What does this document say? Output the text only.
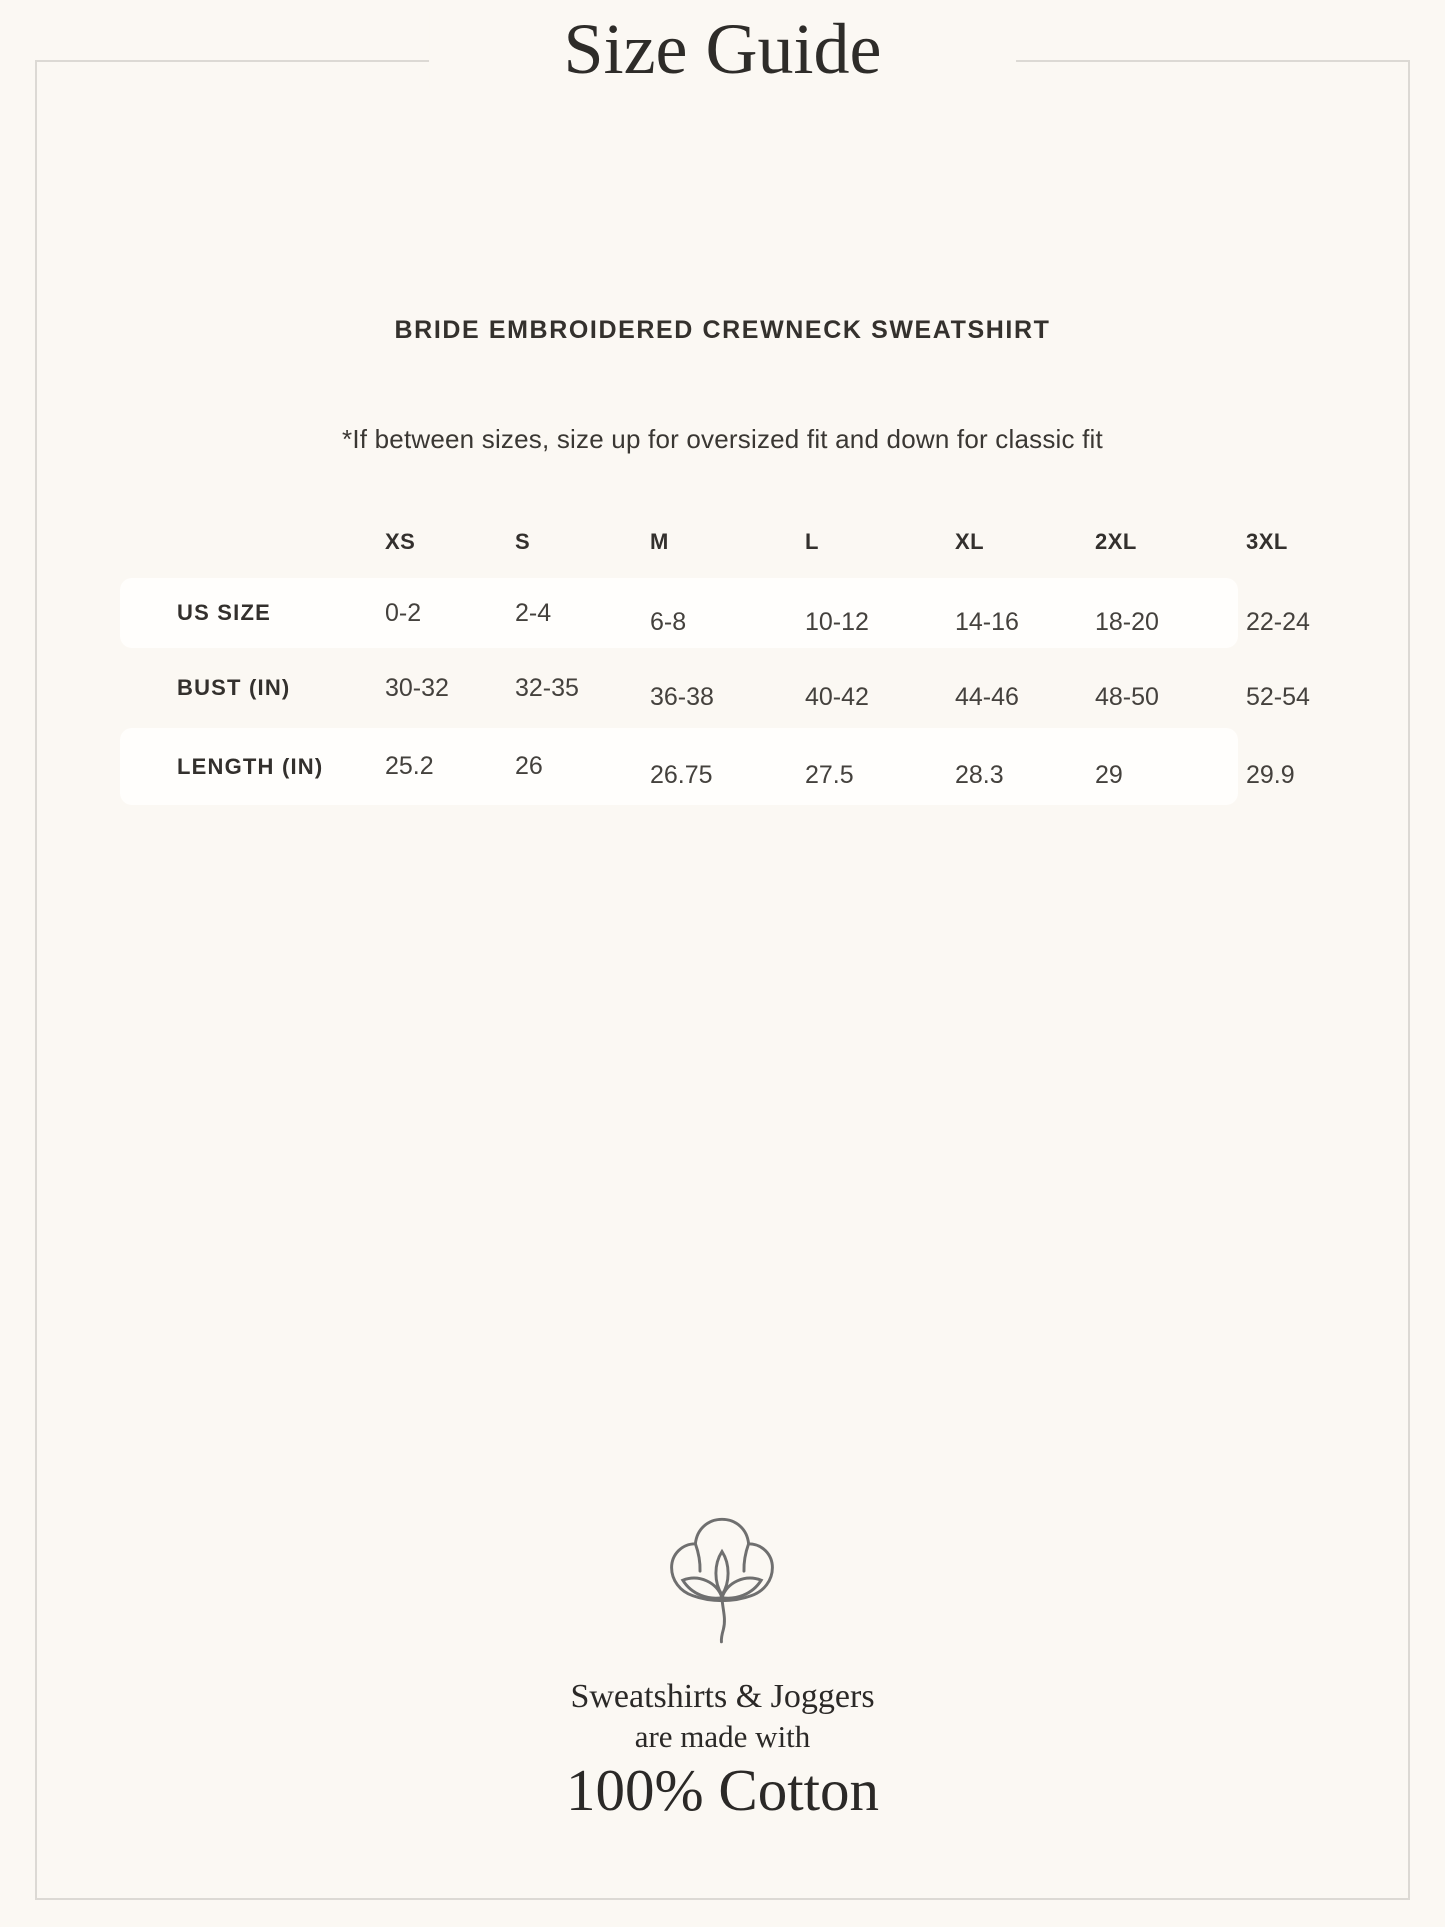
Size Guide
BRIDE EMBROIDERED CREWNECK SWEATSHIRT
*If between sizes, size up for oversized fit and down for classic fit
XS	S	M	L	XL	2XL	3XL
US SIZE	0-2	2-4	6-8	10-12	14-16	18-20	22-24
BUST (IN)	30-32	32-35	36-38	40-42	44-46	48-50	52-54
LENGTH (IN)	25.2	26	26.75	27.5	28.3	29	29.9
Sweatshirts & Joggers
are made with
100% Cotton
